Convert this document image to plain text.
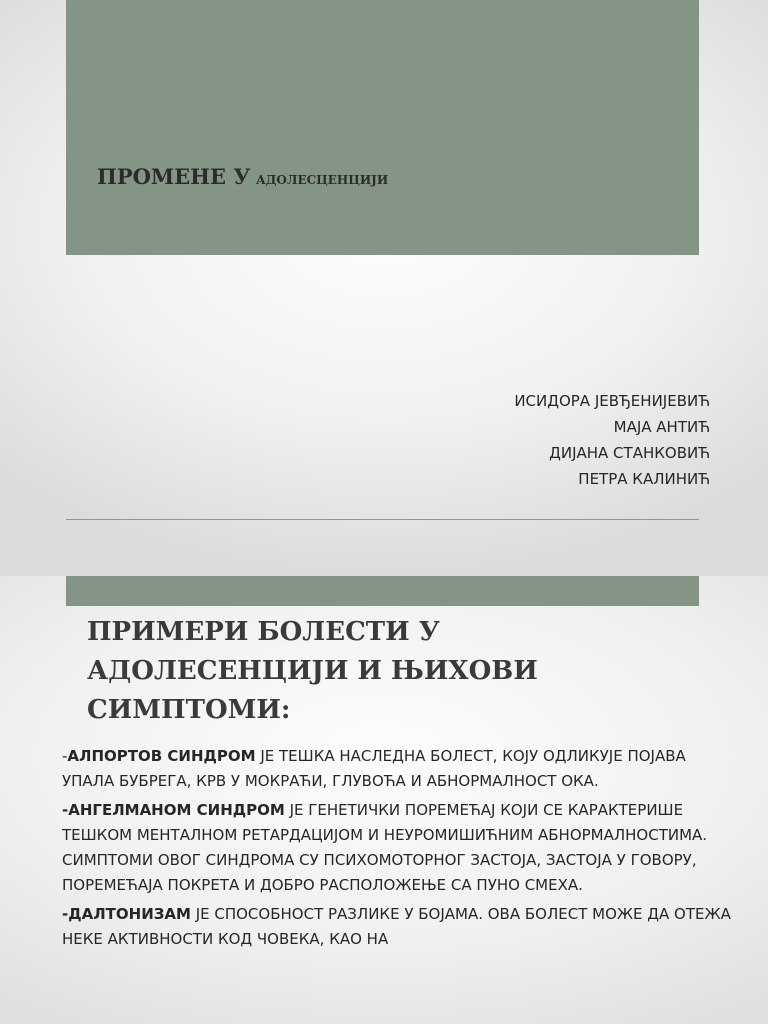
ПРОМЕНЕ У АДОЛЕСЦЕНЦИЈИ
ИСИДОРА ЈЕВЂЕНИЈЕВИЋ
МАЈА АНТИЋ
ДИЈАНА СТАНКОВИЋ
ПЕТРА КАЛИНИЋ
ПРИМЕРИ БОЛЕСТИ У АДОЛЕСЕНЦИЈИ И ЊИХОВИ СИМПТОМИ:
-АЛПОРТОВ СИНДРОМ ЈЕ ТЕШКА НАСЛЕДНА БОЛЕСТ, КОЈУ ОДЛИКУЈЕ ПОЈАВА УПАЛА БУБРЕГА, КРВ У МОКРАЋИ, ГЛУВОЋА И АБНОРМАЛНОСТ ОКА.
-АНГЕЛМАНОМ СИНДРОМ ЈЕ ГЕНЕТИЧКИ ПОРЕМЕЋАЈ КОЈИ СЕ КАРАКТЕРИШЕ ТЕШКОМ МЕНТАЛНОМ РЕТАРДАЦИЈОМ И НЕУРОМИШИЋНИМ АБНОРМАЛНОСТИМА. СИМПТОМИ ОВОГ СИНДРОМА СУ ПСИХОМОТОРНОГ ЗАСТОЈА, ЗАСТОЈА У ГОВОРУ, ПОРЕМЕЋАЈА ПОКРЕТА И ДОБРО РАСПОЛОЖЕЊЕ СА ПУНО СМЕХА.
-ДАЛТОНИЗАМ ЈЕ СПОСОБНОСТ РАЗЛИКЕ У БОЈАМА. ОВА БОЛЕСТ МОЖЕ ДА ОТЕЖА НЕКЕ АКТИВНОСТИ КОД ЧОВЕКА, КАО НА
